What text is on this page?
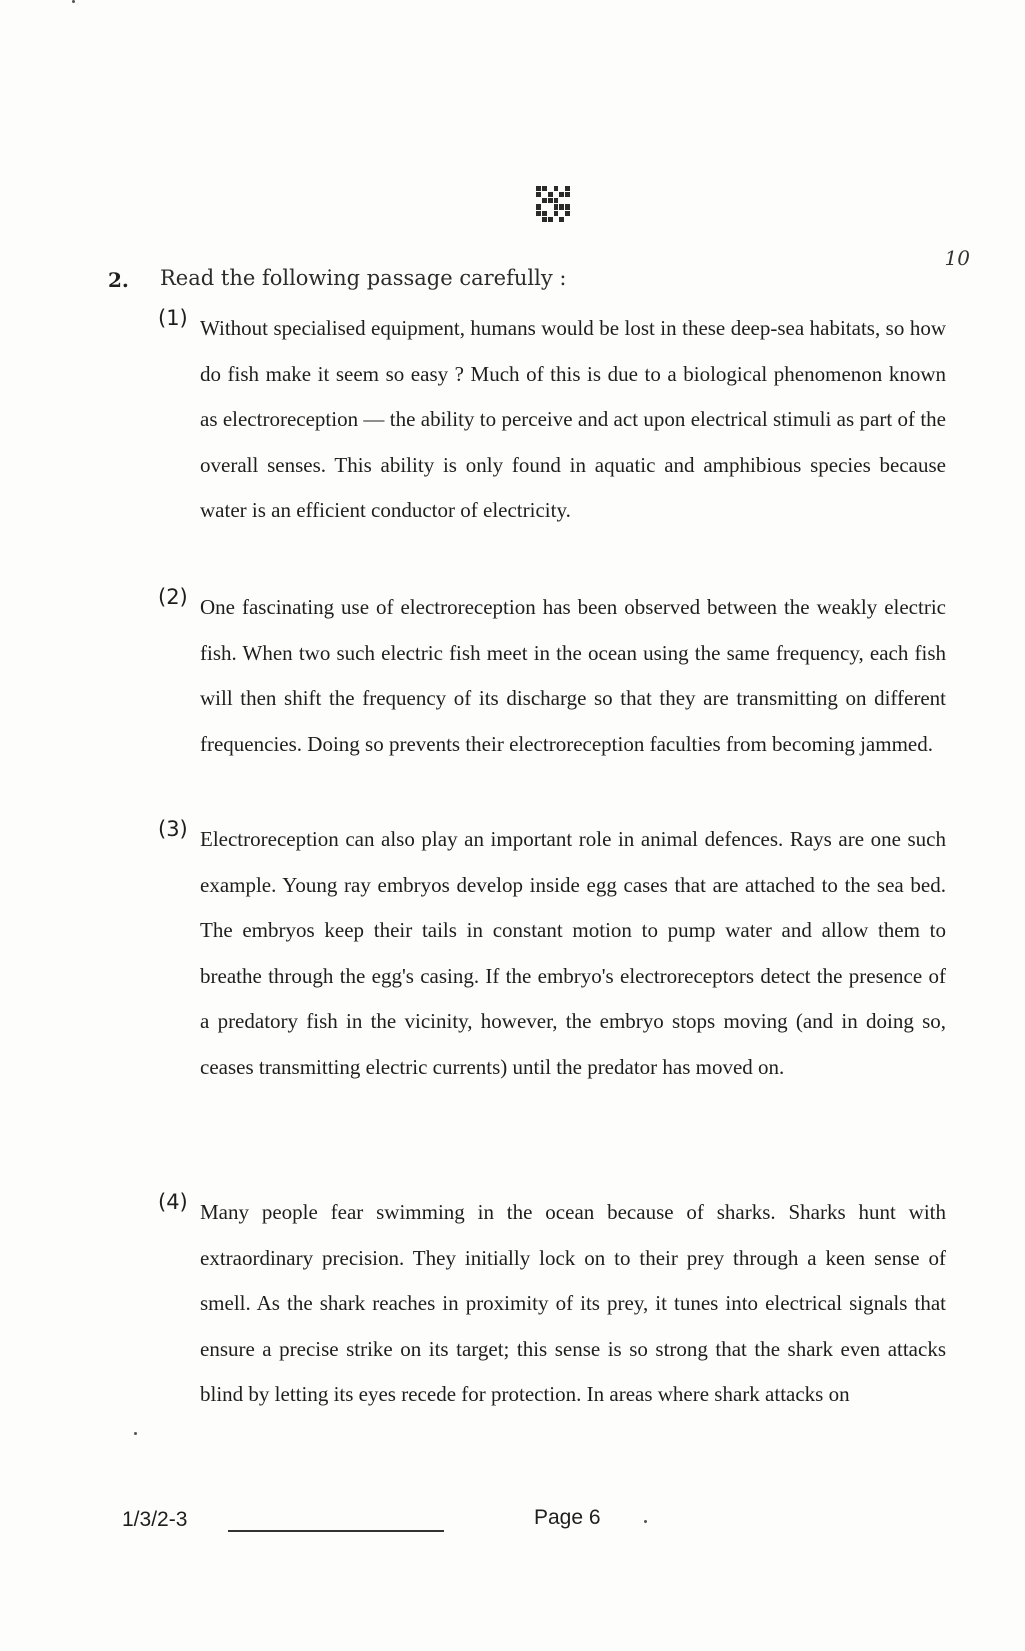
10
2. Read the following passage carefully :
(1) Without specialised equipment, humans would be lost in these deep-sea habitats, so how do fish make it seem so easy ? Much of this is due to a biological phenomenon known as electroreception — the ability to perceive and act upon electrical stimuli as part of the overall senses. This ability is only found in aquatic and amphibious species because water is an efficient conductor of electricity.
(2) One fascinating use of electroreception has been observed between the weakly electric fish. When two such electric fish meet in the ocean using the same frequency, each fish will then shift the frequency of its discharge so that they are transmitting on different frequencies. Doing so prevents their electroreception faculties from becoming jammed.
(3) Electroreception can also play an important role in animal defences. Rays are one such example. Young ray embryos develop inside egg cases that are attached to the sea bed. The embryos keep their tails in constant motion to pump water and allow them to breathe through the egg's casing. If the embryo's electroreceptors detect the presence of a predatory fish in the vicinity, however, the embryo stops moving (and in doing so, ceases transmitting electric currents) until the predator has moved on.
(4) Many people fear swimming in the ocean because of sharks. Sharks hunt with extraordinary precision. They initially lock on to their prey through a keen sense of smell. As the shark reaches in proximity of its prey, it tunes into electrical signals that ensure a precise strike on its target; this sense is so strong that the shark even attacks blind by letting its eyes recede for protection. In areas where shark attacks on
1/3/2-3	Page 6
